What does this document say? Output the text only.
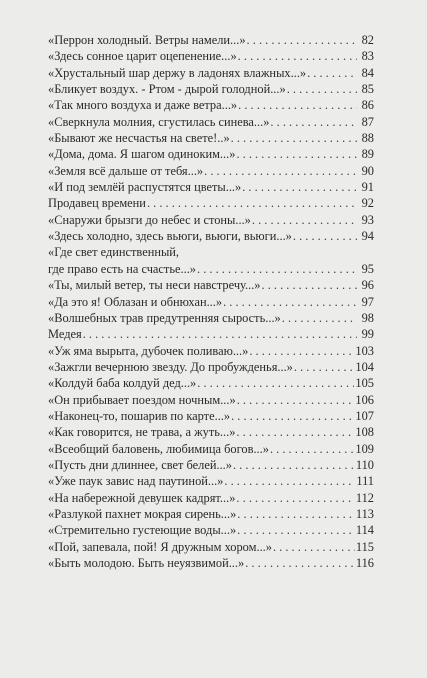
«Перрон холодный. Ветры намели...» . . .	82
«Здесь сонное царит оцепенение...» . . .	83
«Хрустальный шар держу в ладонях влажных...» . . .	84
«Бликует воздух. - Ртом - дырой голодной...» . . .	85
«Так много воздуха и даже ветра...» . . .	86
«Сверкнула молния, сгустилась синева...» . . .	87
«Бывают же несчастья на свете!..» . . .	88
«Дома, дома. Я шагом одиноким...» . . .	89
«Земля всё дальше от тебя...» . . .	90
«И под землёй распустятся цветы...» . . .	91
Продавец времени . . .	92
«Снаружи брызги до небес и стоны...» . . .	93
«Здесь холодно, здесь вьюги, вьюги, вьюги...» . . .	94
«Где свет единственный,
где право есть на счастье...» . . .	95
«Ты, милый ветер, ты неси навстречу...» . . .	96
«Да это я! Облазан и обнюхан...» . . .	97
«Волшебных трав предутренняя сырость...» . . .	98
Медея . . .	99
«Уж яма вырыта, дубочек поливаю...» . . .	103
«Зажгли вечернюю звезду. До пробужденья...» . . .	104
«Колдуй баба колдуй дед...» . . .	105
«Он прибывает поездом ночным...» . . .	106
«Наконец-то, пошарив по карте...» . . .	107
«Как говорится, не трава, а жуть...» . . .	108
«Всеобщий баловень, любимица богов...» . . .	109
«Пусть дни длиннее, свет белей...» . . .	110
«Уже паук завис над паутиной...» . . .	111
«На набережной девушек кадрят...» . . .	112
«Разлукой пахнет мокрая сирень...» . . .	113
«Стремительно густеющие воды...» . . .	114
«Пой, запевала, пой! Я дружным хором...» . . .	115
«Быть молодою. Быть неуязвимой...» . . .	116
